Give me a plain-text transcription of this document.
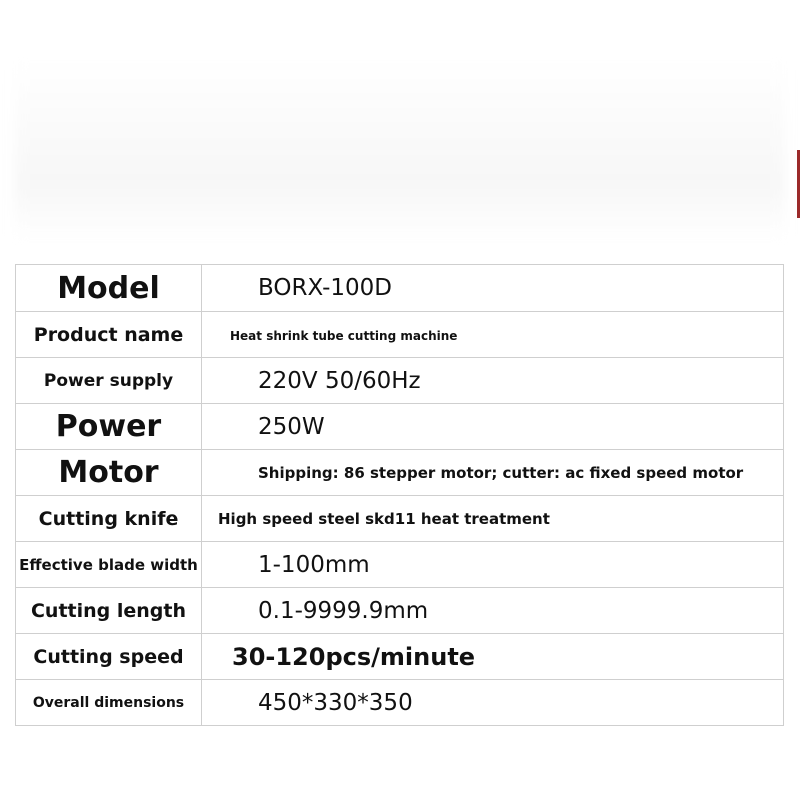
Model	BORX-100D
Product name	Heat shrink tube cutting machine
Power supply	220V 50/60Hz
Power	250W
Motor	Shipping: 86 stepper motor; cutter: ac fixed speed motor
Cutting knife	High speed steel skd11 heat treatment
Effective blade width	1-100mm
Cutting length	0.1-9999.9mm
Cutting speed	30-120pcs/minute
Overall dimensions	450*330*350
